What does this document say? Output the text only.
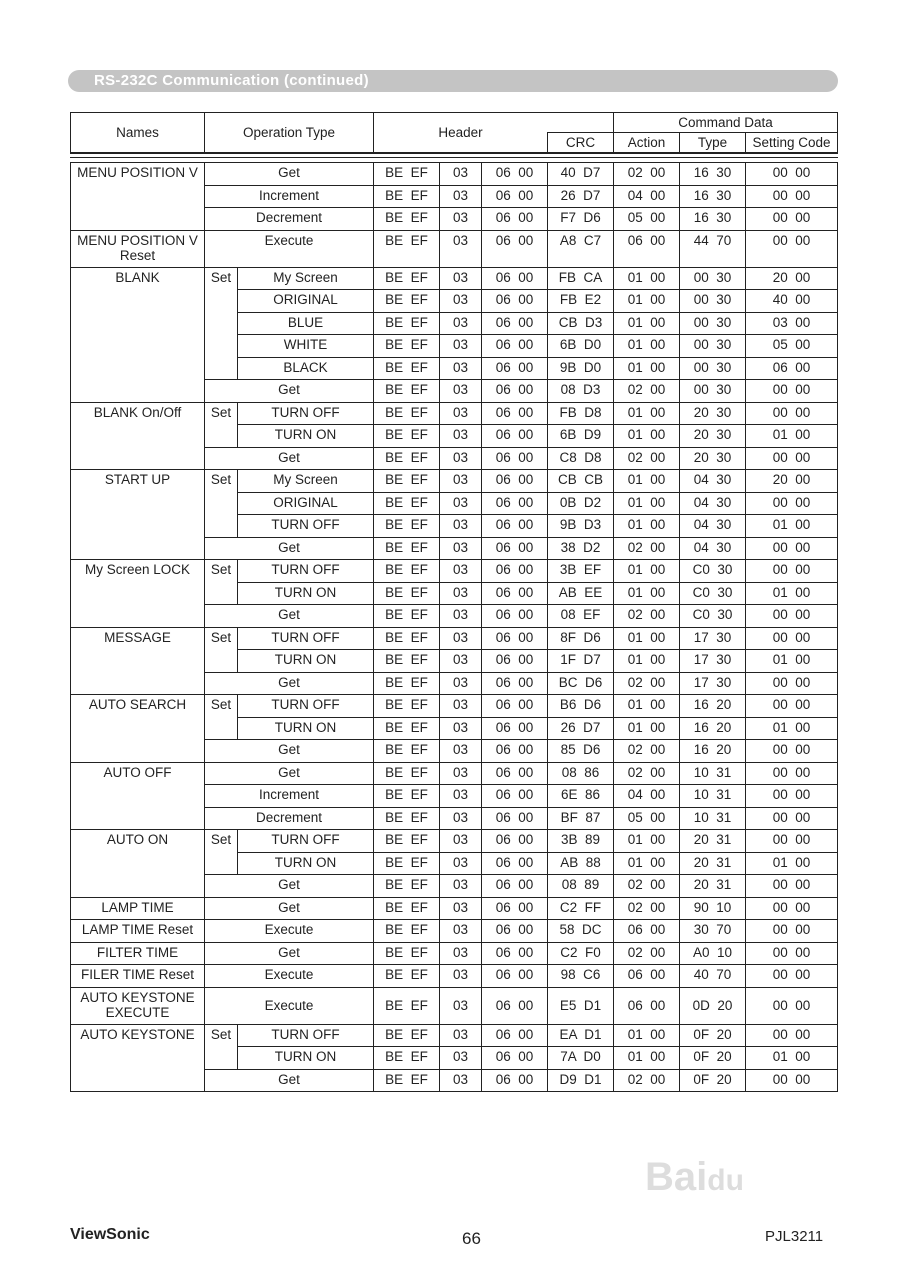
RS-232C Communication (continued)
Names	Operation Type	Header		Command Data		
			CRC	Action	Type	Setting Code
MENU POSITION V	Get		BE  EF	03	06  00	40  D7	02  00	16  30	00  00
	Increment		BE  EF	03	06  00	26  D7	04  00	16  30	00  00
	Decrement		BE  EF	03	06  00	F7  D6	05  00	16  30	00  00
MENU POSITION V Reset	Execute		BE  EF	03	06  00	A8  C7	06  00	44  70	00  00
BLANK	Set	My Screen	BE  EF	03	06  00	FB  CA	01  00	00  30	20  00
		ORIGINAL	BE  EF	03	06  00	FB  E2	01  00	00  30	40  00
		BLUE	BE  EF	03	06  00	CB  D3	01  00	00  30	03  00
		WHITE	BE  EF	03	06  00	6B  D0	01  00	00  30	05  00
		BLACK	BE  EF	03	06  00	9B  D0	01  00	00  30	06  00
	Get		BE  EF	03	06  00	08  D3	02  00	00  30	00  00
BLANK On/Off	Set	TURN OFF	BE  EF	03	06  00	FB  D8	01  00	20  30	00  00
		TURN ON	BE  EF	03	06  00	6B  D9	01  00	20  30	01  00
	Get		BE  EF	03	06  00	C8  D8	02  00	20  30	00  00
START UP	Set	My Screen	BE  EF	03	06  00	CB  CB	01  00	04  30	20  00
		ORIGINAL	BE  EF	03	06  00	0B  D2	01  00	04  30	00  00
		TURN OFF	BE  EF	03	06  00	9B  D3	01  00	04  30	01  00
	Get		BE  EF	03	06  00	38  D2	02  00	04  30	00  00
My Screen LOCK	Set	TURN OFF	BE  EF	03	06  00	3B  EF	01  00	C0  30	00  00
		TURN ON	BE  EF	03	06  00	AB  EE	01  00	C0  30	01  00
	Get		BE  EF	03	06  00	08  EF	02  00	C0  30	00  00
MESSAGE	Set	TURN OFF	BE  EF	03	06  00	8F  D6	01  00	17  30	00  00
		TURN ON	BE  EF	03	06  00	1F  D7	01  00	17  30	01  00
	Get		BE  EF	03	06  00	BC  D6	02  00	17  30	00  00
AUTO SEARCH	Set	TURN OFF	BE  EF	03	06  00	B6  D6	01  00	16  20	00  00
		TURN ON	BE  EF	03	06  00	26  D7	01  00	16  20	01  00
	Get		BE  EF	03	06  00	85  D6	02  00	16  20	00  00
AUTO OFF	Get		BE  EF	03	06  00	08  86	02  00	10  31	00  00
	Increment		BE  EF	03	06  00	6E  86	04  00	10  31	00  00
	Decrement		BE  EF	03	06  00	BF  87	05  00	10  31	00  00
AUTO ON	Set	TURN OFF	BE  EF	03	06  00	3B  89	01  00	20  31	00  00
		TURN ON	BE  EF	03	06  00	AB  88	01  00	20  31	01  00
	Get		BE  EF	03	06  00	08  89	02  00	20  31	00  00
LAMP TIME	Get		BE  EF	03	06  00	C2  FF	02  00	90  10	00  00
LAMP TIME Reset	Execute		BE  EF	03	06  00	58  DC	06  00	30  70	00  00
FILTER TIME	Get		BE  EF	03	06  00	C2  F0	02  00	A0  10	00  00
FILER TIME Reset	Execute		BE  EF	03	06  00	98  C6	06  00	40  70	00  00
AUTO KEYSTONE EXECUTE	Execute		BE  EF	03	06  00	E5  D1	06  00	0D  20	00  00
AUTO KEYSTONE	Set	TURN OFF	BE  EF	03	06  00	EA  D1	01  00	0F  20	00  00
		TURN ON	BE  EF	03	06  00	7A  D0	01  00	0F  20	01  00
	Get		BE  EF	03	06  00	D9  D1	02  00	0F  20	00  00
Baidu
ViewSonic	66	PJL3211
